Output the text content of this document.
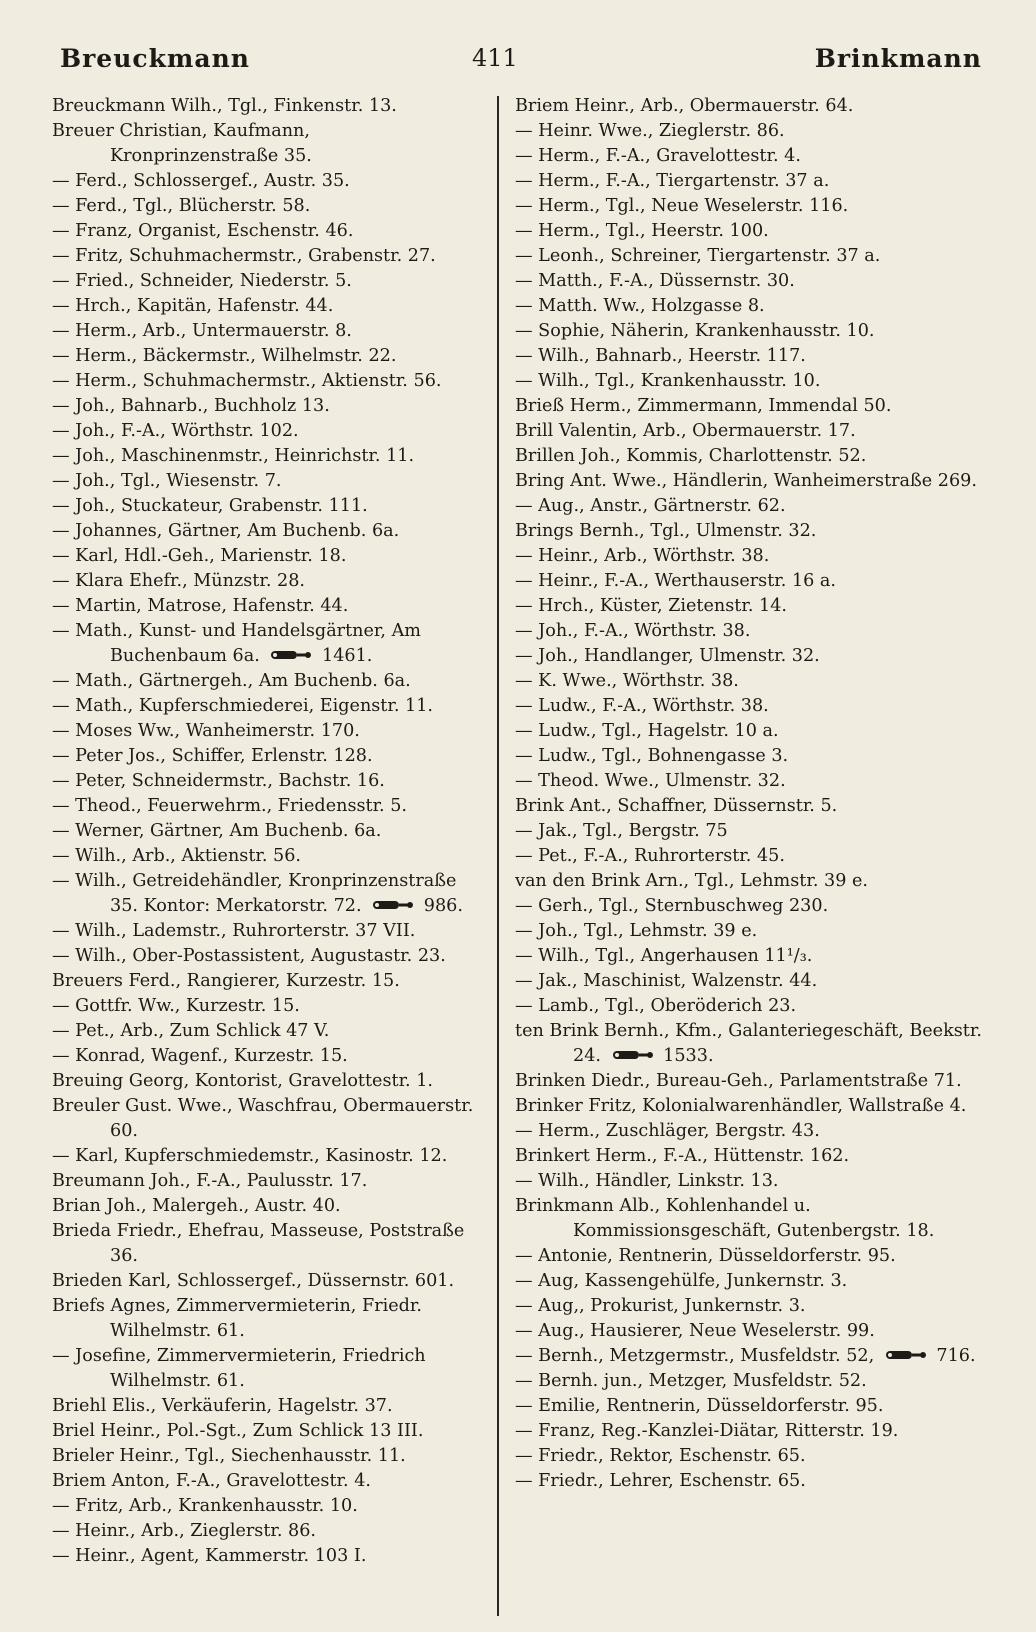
Breuckmann	411	Brinkmann

Breuckmann Wilh., Tgl., Finkenstr. 13.

Breuer Christian, Kaufmann, Kronprinzenstraße 35.

— Ferd., Schlossergef., Austr. 35.

— Ferd., Tgl., Blücherstr. 58.

— Franz, Organist, Eschenstr. 46.

— Fritz, Schuhmachermstr., Grabenstr. 27.

— Fried., Schneider, Niederstr. 5.

— Hrch., Kapitän, Hafenstr. 44.

— Herm., Arb., Untermauerstr. 8.

— Herm., Bäckermstr., Wilhelmstr. 22.

— Herm., Schuhmachermstr., Aktienstr. 56.

— Joh., Bahnarb., Buchholz 13.

— Joh., F.-A., Wörthstr. 102.

— Joh., Maschinenmstr., Heinrichstr. 11.

— Joh., Tgl., Wiesenstr. 7.

— Joh., Stuckateur, Grabenstr. 111.

— Johannes, Gärtner, Am Buchenb. 6a.

— Karl, Hdl.-Geh., Marienstr. 18.

— Klara Ehefr., Münzstr. 28.

— Martin, Matrose, Hafenstr. 44.

— Math., Kunst- und Handelsgärtner, Am Buchenbaum 6a.	1461.

— Math., Gärtnergeh., Am Buchenb. 6a.

— Math., Kupferschmiederei, Eigenstr. 11.

— Moses Ww., Wanheimerstr. 170.

— Peter Jos., Schiffer, Erlenstr. 128.

— Peter, Schneidermstr., Bachstr. 16.

— Theod., Feuerwehrm., Friedensstr. 5.

— Werner, Gärtner, Am Buchenb. 6a.

— Wilh., Arb., Aktienstr. 56.

— Wilh., Getreidehändler, Kronprinzenstraße 35. Kontor: Merkatorstr. 72.	986.

— Wilh., Lademstr., Ruhrorterstr. 37 VII.

— Wilh., Ober-Postassistent, Augustastr. 23.

Breuers Ferd., Rangierer, Kurzestr. 15.

— Gottfr. Ww., Kurzestr. 15.

— Pet., Arb., Zum Schlick 47 V.

— Konrad, Wagenf., Kurzestr. 15.

Breuing Georg, Kontorist, Gravelottestr. 1.

Breuler Gust. Wwe., Waschfrau, Obermauerstr. 60.

— Karl, Kupferschmiedemstr., Kasinostr. 12.

Breumann Joh., F.-A., Paulusstr. 17.

Brian Joh., Malergeh., Austr. 40.

Brieda Friedr., Ehefrau, Masseuse, Poststraße 36.

Brieden Karl, Schlossergef., Düssernstr. 601.

Briefs Agnes, Zimmervermieterin, Friedr. Wilhelmstr. 61.

— Josefine, Zimmervermieterin, Friedrich Wilhelmstr. 61.

Briehl Elis., Verkäuferin, Hagelstr. 37.

Briel Heinr., Pol.-Sgt., Zum Schlick 13 III.

Brieler Heinr., Tgl., Siechenhausstr. 11.

Briem Anton, F.-A., Gravelottestr. 4.

— Fritz, Arb., Krankenhausstr. 10.

— Heinr., Arb., Zieglerstr. 86.

— Heinr., Agent, Kammerstr. 103 I.

Briem Heinr., Arb., Obermauerstr. 64.

— Heinr. Wwe., Zieglerstr. 86.

— Herm., F.-A., Gravelottestr. 4.

— Herm., F.-A., Tiergartenstr. 37 a.

— Herm., Tgl., Neue Weselerstr. 116.

— Herm., Tgl., Heerstr. 100.

— Leonh., Schreiner, Tiergartenstr. 37 a.

— Matth., F.-A., Düssernstr. 30.

— Matth. Ww., Holzgasse 8.

— Sophie, Näherin, Krankenhausstr. 10.

— Wilh., Bahnarb., Heerstr. 117.

— Wilh., Tgl., Krankenhausstr. 10.

Brieß Herm., Zimmermann, Immendal 50.

Brill Valentin, Arb., Obermauerstr. 17.

Brillen Joh., Kommis, Charlottenstr. 52.

Bring Ant. Wwe., Händlerin, Wanheimerstraße 269.

— Aug., Anstr., Gärtnerstr. 62.

Brings Bernh., Tgl., Ulmenstr. 32.

— Heinr., Arb., Wörthstr. 38.

— Heinr., F.-A., Werthauserstr. 16 a.

— Hrch., Küster, Zietenstr. 14.

— Joh., F.-A., Wörthstr. 38.

— Joh., Handlanger, Ulmenstr. 32.

— K. Wwe., Wörthstr. 38.

— Ludw., F.-A., Wörthstr. 38.

— Ludw., Tgl., Hagelstr. 10 a.

— Ludw., Tgl., Bohnengasse 3.

— Theod. Wwe., Ulmenstr. 32.

Brink Ant., Schaffner, Düssernstr. 5.

— Jak., Tgl., Bergstr. 75

— Pet., F.-A., Ruhrorterstr. 45.

van den Brink Arn., Tgl., Lehmstr. 39 e.

— Gerh., Tgl., Sternbuschweg 230.

— Joh., Tgl., Lehmstr. 39 e.

— Wilh., Tgl., Angerhausen 11¹/₃.

— Jak., Maschinist, Walzenstr. 44.

— Lamb., Tgl., Oberöderich 23.

ten Brink Bernh., Kfm., Galanteriegeschäft, Beekstr. 24.	1533.

Brinken Diedr., Bureau-Geh., Parlamentstraße 71.

Brinker Fritz, Kolonialwarenhändler, Wallstraße 4.

— Herm., Zuschläger, Bergstr. 43.

Brinkert Herm., F.-A., Hüttenstr. 162.

— Wilh., Händler, Linkstr. 13.

Brinkmann Alb., Kohlenhandel u. Kommissionsgeschäft, Gutenbergstr. 18.

— Antonie, Rentnerin, Düsseldorferstr. 95.

— Aug, Kassengehülfe, Junkernstr. 3.

— Aug,, Prokurist, Junkernstr. 3.

— Aug., Hausierer, Neue Weselerstr. 99.

— Bernh., Metzgermstr., Musfeldstr. 52,	716.

— Bernh. jun., Metzger, Musfeldstr. 52.

— Emilie, Rentnerin, Düsseldorferstr. 95.

— Franz, Reg.-Kanzlei-Diätar, Ritterstr. 19.

— Friedr., Rektor, Eschenstr. 65.

— Friedr., Lehrer, Eschenstr. 65.
